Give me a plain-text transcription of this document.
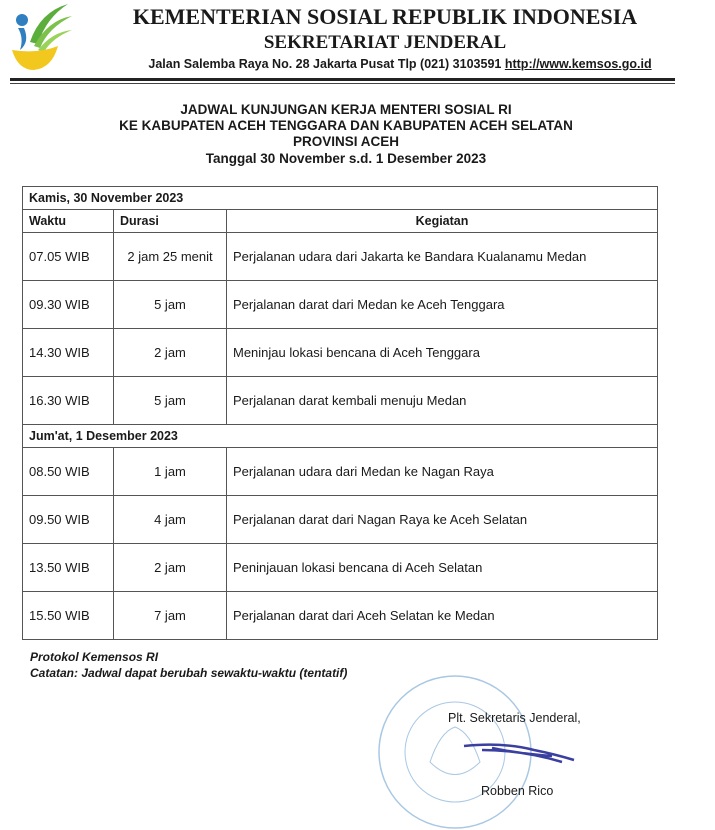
KEMENTERIAN SOSIAL REPUBLIK INDONESIA
SEKRETARIAT JENDERAL
Jalan Salemba Raya No. 28 Jakarta Pusat Tlp (021) 3103591 http://www.kemsos.go.id
JADWAL KUNJUNGAN KERJA MENTERI SOSIAL RI
KE KABUPATEN ACEH TENGGARA DAN KABUPATEN ACEH SELATAN
PROVINSI ACEH
Tanggal 30 November s.d. 1 Desember 2023
Kamis, 30 November 2023		
Waktu	Durasi	Kegiatan
07.05 WIB	2 jam 25 menit	Perjalanan udara dari Jakarta ke Bandara Kualanamu Medan
09.30 WIB	5 jam	Perjalanan darat dari Medan ke Aceh Tenggara
14.30 WIB	2 jam	Meninjau lokasi bencana di Aceh Tenggara
16.30 WIB	5 jam	Perjalanan darat kembali menuju Medan
Jum'at, 1 Desember 2023		
08.50 WIB	1 jam	Perjalanan udara dari Medan ke Nagan Raya
09.50 WIB	4 jam	Perjalanan darat dari Nagan Raya ke Aceh Selatan
13.50 WIB	2 jam	Peninjauan lokasi bencana di Aceh Selatan
15.50 WIB	7 jam	Perjalanan darat dari Aceh Selatan ke Medan
Protokol Kemensos RI
Catatan: Jadwal dapat berubah sewaktu-waktu (tentatif)
Plt. Sekretaris Jenderal,
Robben Rico
